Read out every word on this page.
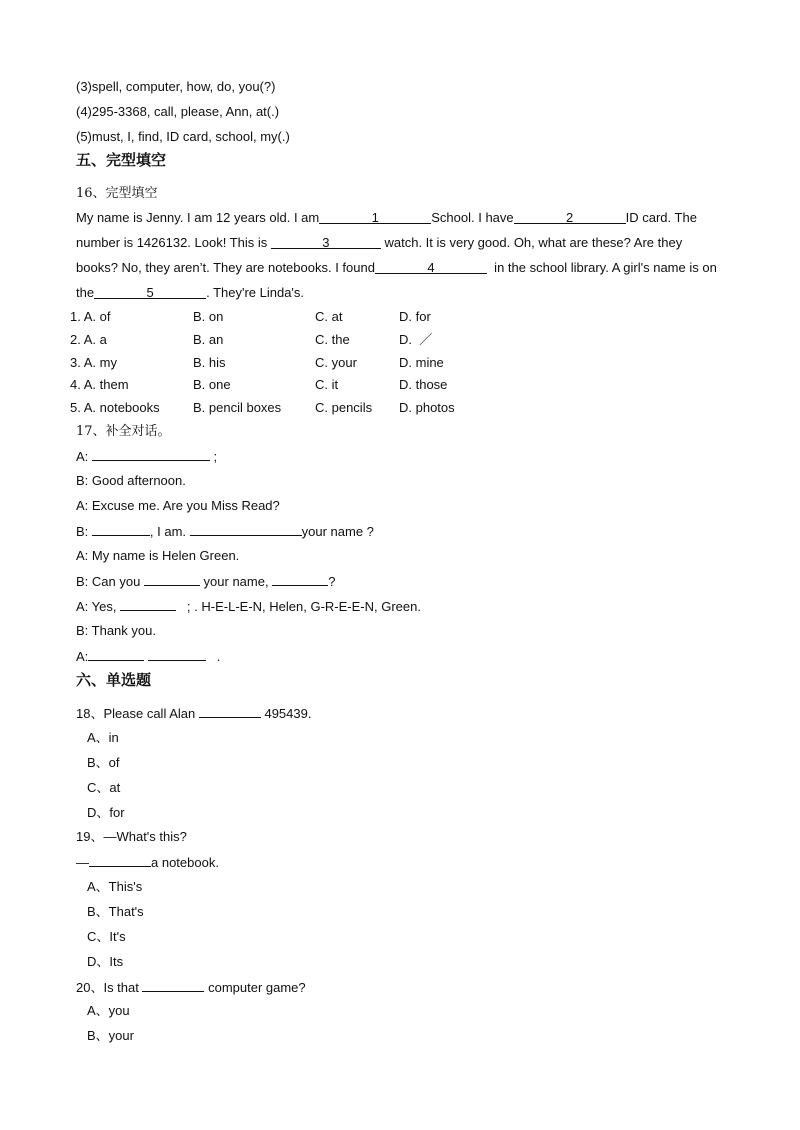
(3)spell, computer, how, do, you(?)
(4)295-3368, call, please, Ann, at(.)
(5)must, I, find, ID card, school, my(.)
五、完型填空
16、完型填空
My name is Jenny. I am 12 years old. I am	1	School. I have	2	ID card. The
number is 1426132. Look! This is	3	watch. It is very good. Oh, what are these? Are they
books? No, they aren’t. They are notebooks. I found	4	in the school library. A girl's name is on
the	5	. They're Linda's.
1. A. of	B. on	C. at	D. for
2. A. a	B. an	C. the	D.  ／
3. A. my	B. his	C. your	D. mine
4. A. them	B. one	C. it	D. those
5. A. notebooks	B. pencil boxes	C. pencils D. photos
17、补全对话。
A:	;
B: Good afternoon.
A: Excuse me. Are you Miss Read?
B:	, I am.	your name ?
A: My name is Helen Green.
B: Can you	your name,	?
A: Yes,	; . H-E-L-E-N, Helen, G-R-E-E-N, Green.
B: Thank you.
A:	.
六、单选题
18、Please call Alan	495439.
A、in
B、of
C、at
D、for
19、—What's this?
—	a notebook.
A、This's
B、That's
C、It's
D、Its
20、Is that	computer game?
A、you
B、your
